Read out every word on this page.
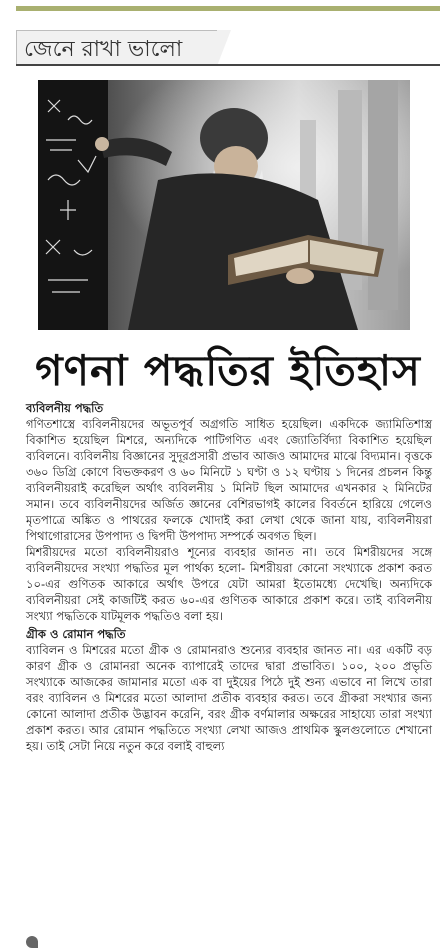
জেনে রাখা ভালো
গণনা পদ্ধতির ইতিহাস

ব্যবিলনীয় পদ্ধতি

গণিতশাস্ত্রে ব্যবিলনীয়দের অভূতপূর্ব অগ্রগতি সাধিত হয়েছিল। একদিকে জ্যামিতিশাস্ত্র বিকাশিত হয়েছিল মিশরে, অন্যদিকে পাটিগণিত এবং জ্যোতির্বিদ্যা বিকাশিত হয়েছিল ব্যবিলনে। ব্যবিলনীয় বিজ্ঞানের সুদূরপ্রসারী প্রভাব আজও আমাদের মাঝে বিদ্যমান। বৃত্তকে ৩৬০ ডিগ্রি কোণে বিভক্তকরণ ও ৬০ মিনিটে ১ ঘণ্টা ও ১২ ঘণ্টায় ১ দিনের প্রচলন কিন্তু ব্যবিলনীয়রাই করেছিল অর্থাৎ ব্যবিলনীয় ১ মিনিট ছিল আমাদের এখনকার ২ মিনিটের সমান। তবে ব্যবিলনীয়দের অর্জিত জ্ঞানের বেশিরভাগই কালের বিবর্তনে হারিয়ে গেলেও মৃতপাত্রে অঙ্কিত ও পাথরের ফলকে খোদাই করা লেখা থেকে জানা যায়, ব্যবিলনীয়রা পিথাগোরাসের উপপাদ্য ও দ্বিপদী উপপাদ্য সম্পর্কে অবগত ছিল।

মিশরীয়দের মতো ব্যবিলনীয়রাও শূন্যের ব্যবহার জানত না। তবে মিশরীয়দের সঙ্গে ব্যবিলনীয়দের সংখ্যা পদ্ধতির মূল পার্থক্য হলো- মিশরীয়রা কোনো সংখ্যাকে প্রকাশ করত ১০-এর গুণিতক আকারে অর্থাৎ উপরে যেটা আমরা ইতোমধ্যে দেখেছি। অন্যদিকে ব্যবিলনীয়রা সেই কাজটিই করত ৬০-এর গুণিতক আকারে প্রকাশ করে। তাই ব্যবিলনীয় সংখ্যা পদ্ধতিকে যাটমূলক পদ্ধতিও বলা হয়।

গ্রীক ও রোমান পদ্ধতি

ব্যাবিলন ও মিশরের মতো গ্রীক ও রোমানরাও শুন্যের ব্যবহার জানত না। এর একটি বড় কারণ গ্রীক ও রোমানরা অনেক ব্যাপারেই তাদের দ্বারা প্রভাবিত। ১০০, ২০০ প্রভৃতি সংখ্যাকে আজকের জামানার মতো এক বা দুইয়ের পিঠে দুই শুন্য এভাবে না লিখে তারা বরং ব্যাবিলন ও মিশরের মতো আলাদা প্রতীক ব্যবহার করত। তবে গ্রীকরা সংখ্যার জন্য কোনো আলাদা প্রতীক উদ্ভাবন করেনি, বরং গ্রীক বর্ণমালার অক্ষরের সাহায্যে তারা সংখ্যা প্রকাশ করত। আর রোমান পদ্ধতিতে সংখ্যা লেখা আজও প্রাথমিক স্কুলগুলোতে শেখানো হয়। তাই সেটা নিয়ে নতুন করে বলাই বাহুল্য
